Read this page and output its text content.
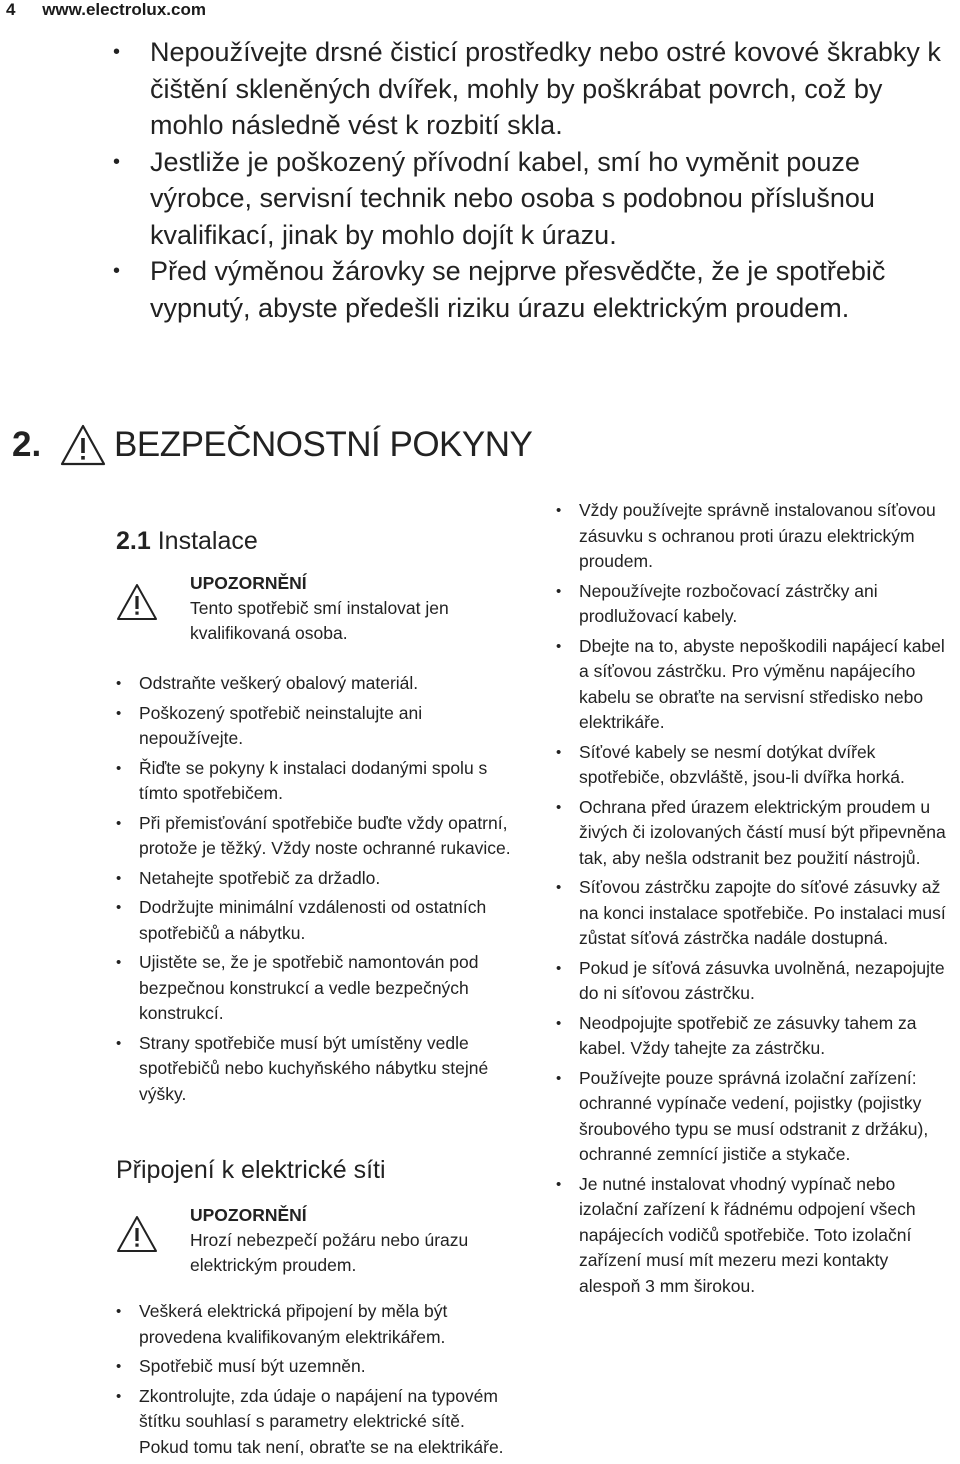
4 www.electrolux.com
• Nepoužívejte drsné čisticí prostředky nebo ostré kovové škrabky k čištění skleněných dvířek, mohly by poškrábat povrch, což by mohlo následně vést k rozbití skla.
• Jestliže je poškozený přívodní kabel, smí ho vyměnit pouze výrobce, servisní technik nebo osoba s podobnou příslušnou kvalifikací, jinak by mohlo dojít k úrazu.
• Před výměnou žárovky se nejprve přesvědčte, že je spotřebič vypnutý, abyste předešli riziku úrazu elektrickým proudem.
2.	BEZPEČNOSTNÍ POKYNY
2.1 Instalace
UPOZORNĚNÍ
Tento spotřebič smí instalovat jen kvalifikovaná osoba.
• Odstraňte veškerý obalový materiál.
• Poškozený spotřebič neinstalujte ani nepoužívejte.
• Řiďte se pokyny k instalaci dodanými spolu s tímto spotřebičem.
• Při přemisťování spotřebiče buďte vždy opatrní, protože je těžký. Vždy noste ochranné rukavice.
• Netahejte spotřebič za držadlo.
• Dodržujte minimální vzdálenosti od ostatních spotřebičů a nábytku.
• Ujistěte se, že je spotřebič namontován pod bezpečnou konstrukcí a vedle bezpečných konstrukcí.
• Strany spotřebiče musí být umístěny vedle spotřebičů nebo kuchyňského nábytku stejné výšky.
Připojení k elektrické síti
UPOZORNĚNÍ
Hrozí nebezpečí požáru nebo úrazu elektrickým proudem.
• Veškerá elektrická připojení by měla být provedena kvalifikovaným elektrikářem.
• Spotřebič musí být uzemněn.
• Zkontrolujte, zda údaje o napájení na typovém štítku souhlasí s parametry elektrické sítě. Pokud tomu tak není, obraťte se na elektrikáře.
• Vždy používejte správně instalovanou síťovou zásuvku s ochranou proti úrazu elektrickým proudem.
• Nepoužívejte rozbočovací zástrčky ani prodlužovací kabely.
• Dbejte na to, abyste nepoškodili napájecí kabel a síťovou zástrčku. Pro výměnu napájecího kabelu se obraťte na servisní středisko nebo elektrikáře.
• Síťové kabely se nesmí dotýkat dvířek spotřebiče, obzvláště, jsou-li dvířka horká.
• Ochrana před úrazem elektrickým proudem u živých či izolovaných částí musí být připevněna tak, aby nešla odstranit bez použití nástrojů.
• Síťovou zástrčku zapojte do síťové zásuvky až na konci instalace spotřebiče. Po instalaci musí zůstat síťová zástrčka nadále dostupná.
• Pokud je síťová zásuvka uvolněná, nezapojujte do ni síťovou zástrčku.
• Neodpojujte spotřebič ze zásuvky tahem za kabel. Vždy tahejte za zástrčku.
• Používejte pouze správná izolační zařízení: ochranné vypínače vedení, pojistky (pojistky šroubového typu se musí odstranit z držáku), ochranné zemnící jističe a stykače.
• Je nutné instalovat vhodný vypínač nebo izolační zařízení k řádnému odpojení všech napájecích vodičů spotřebiče. Toto izolační zařízení musí mít mezeru mezi kontakty alespoň 3 mm širokou.
